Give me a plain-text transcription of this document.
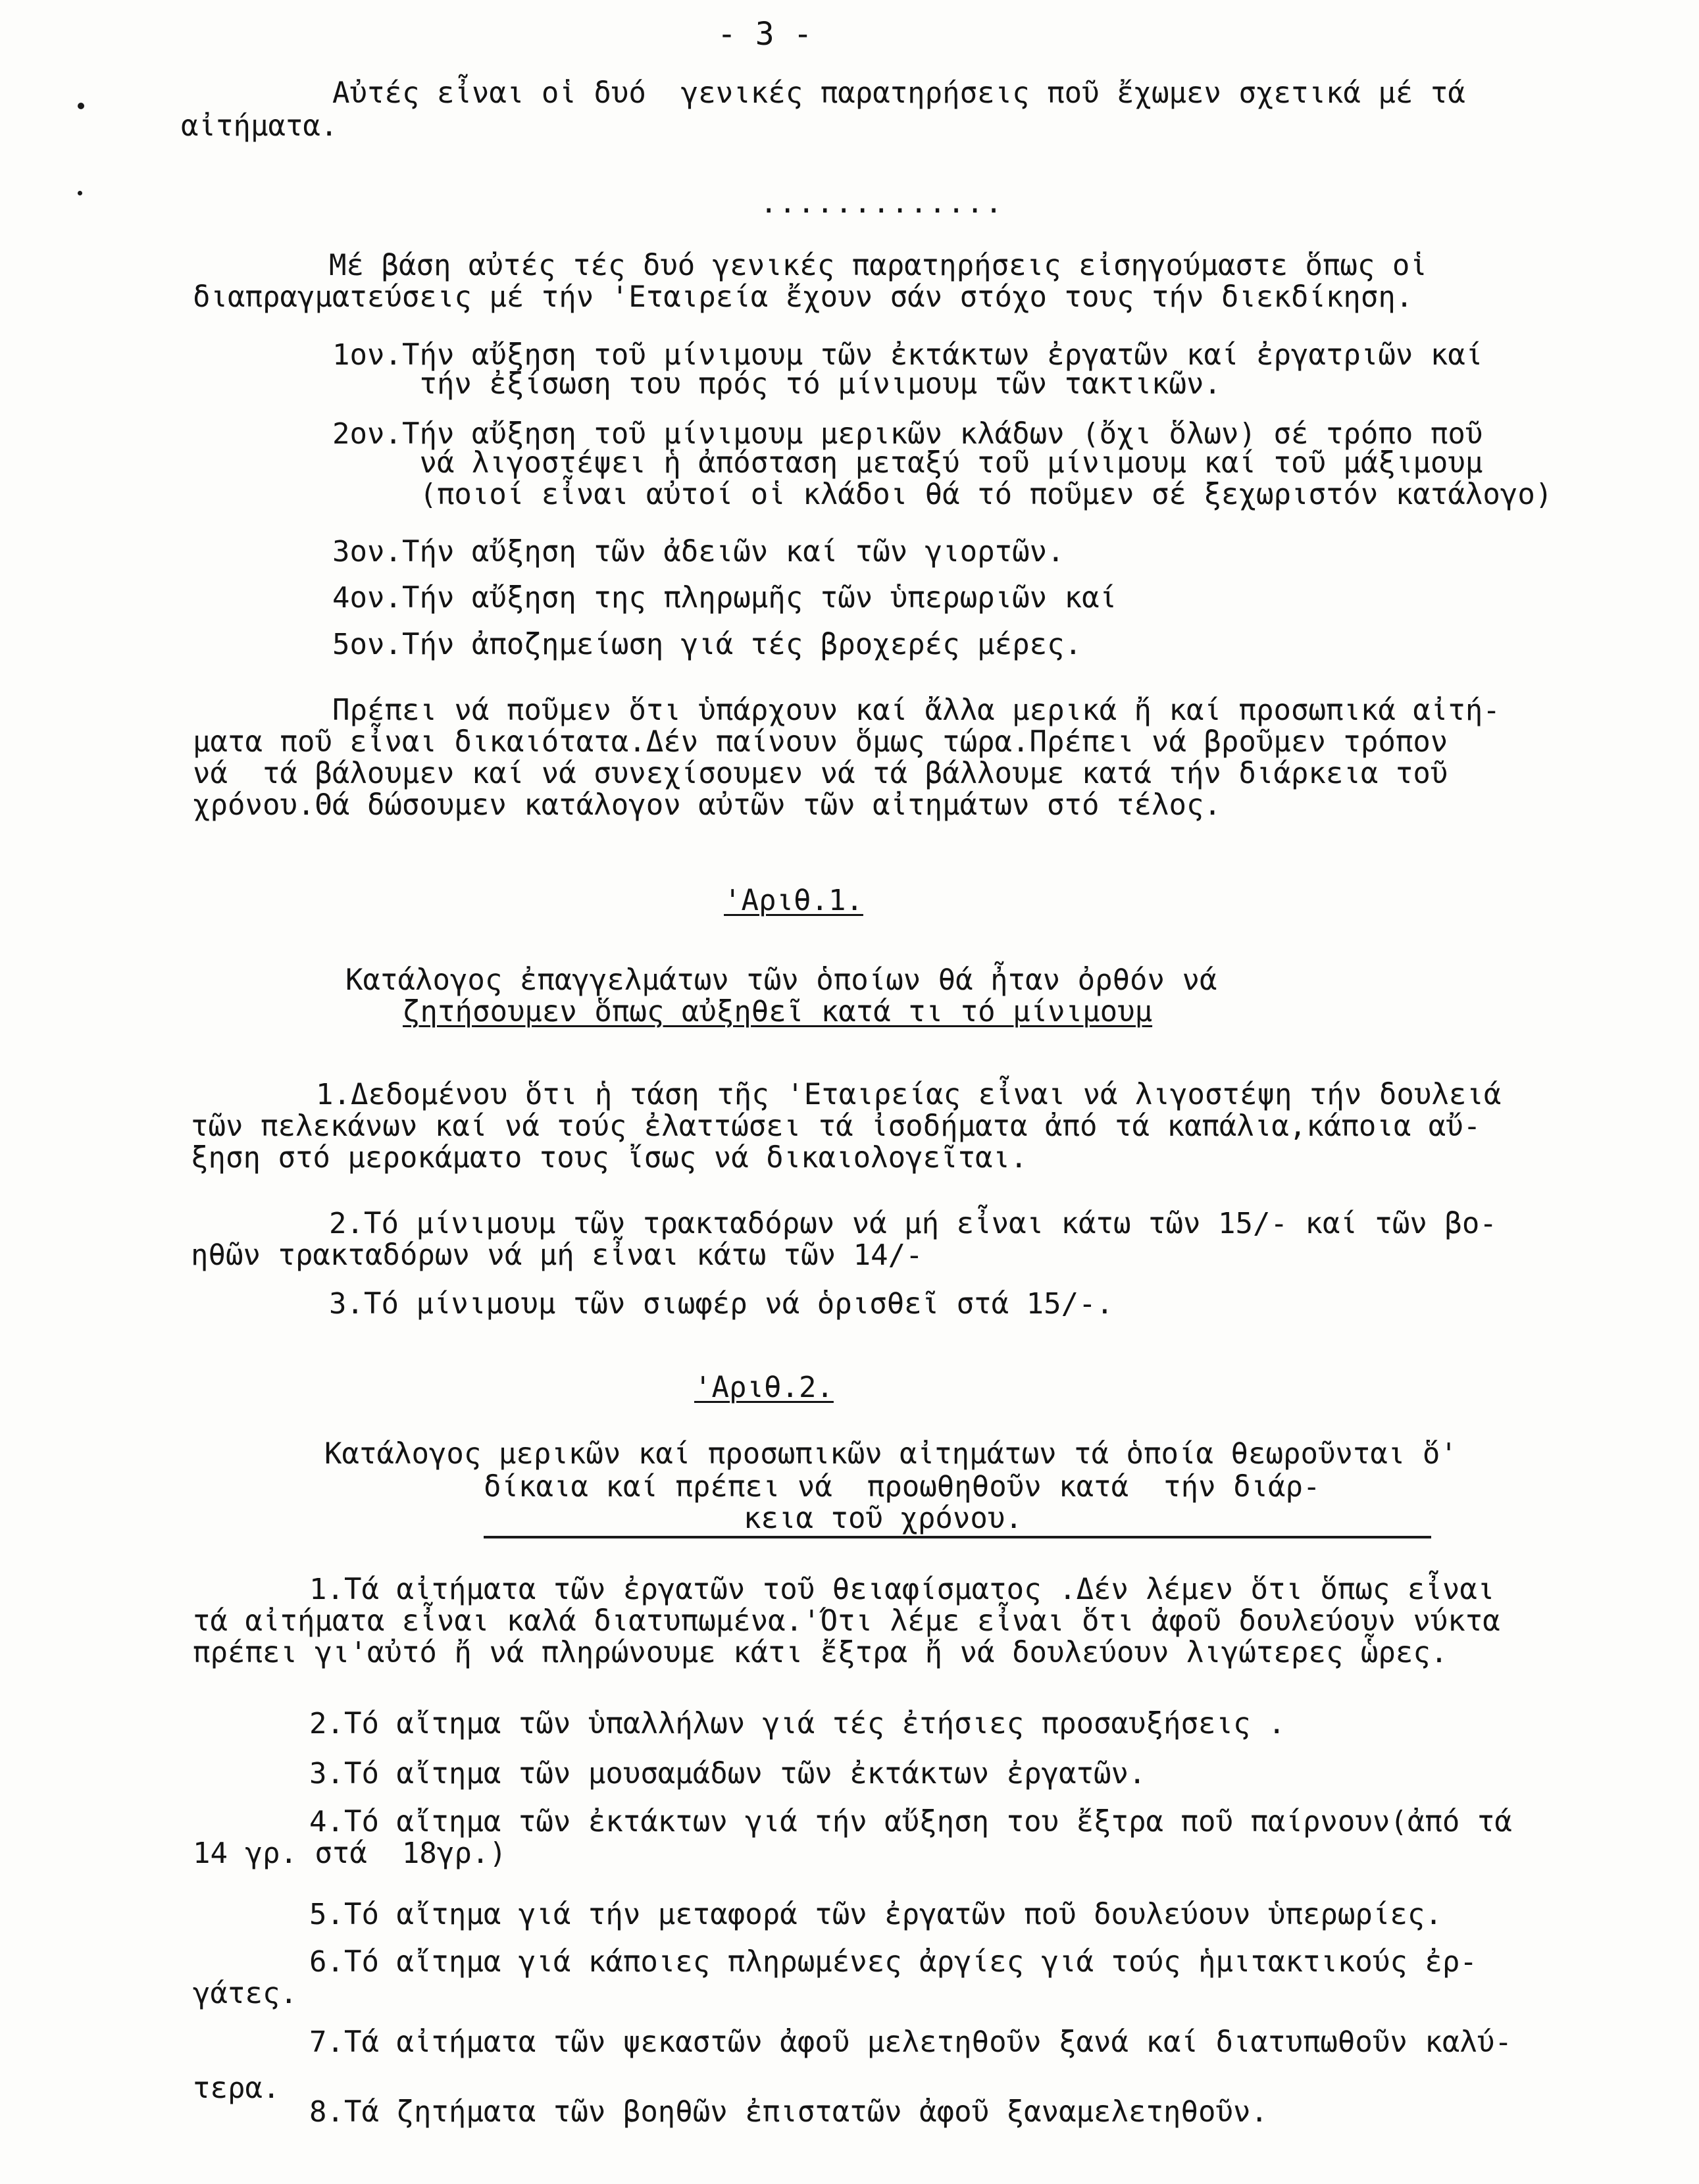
- 3 -
Αὐτές εἶναι οἱ δυό  γενικές παρατηρήσεις ποῦ ἔχωμεν σχετικά μέ τά
αἰτήματα.
.............
Μέ βάση αὐτές τές δυό γενικές παρατηρήσεις εἰσηγούμαστε ὅπως οἱ
διαπραγματεύσεις μέ τήν 'Εταιρεία ἔχουν σάν στόχο τους τήν διεκδίκηση.
1ον.Τήν αὔξηση τοῦ μίνιμουμ τῶν ἐκτάκτων ἐργατῶν καί ἐργατριῶν καί
τήν ἐξίσωση του πρός τό μίνιμουμ τῶν τακτικῶν.
2ον.Τήν αὔξηση τοῦ μίνιμουμ μερικῶν κλάδων (ὄχι ὅλων) σέ τρόπο ποῦ
νά λιγοστέψει ἡ ἀπόσταση μεταξύ τοῦ μίνιμουμ καί τοῦ μάξιμουμ
(ποιοί εἶναι αὐτοί οἱ κλάδοι θά τό ποῦμεν σέ ξεχωριστόν κατάλογο)
3ον.Τήν αὔξηση τῶν ἀδειῶν καί τῶν γιορτῶν.
4ον.Τήν αὔξηση της πληρωμῆς τῶν ὑπερωριῶν καί
5ον.Τήν ἀποζημείωση γιά τές βροχερές μέρες.
Πρέπει νά ποῦμεν ὅτι ὑπάρχουν καί ἄλλα μερικά ἤ καί προσωπικά αἰτή-
ματα ποῦ εἶναι δικαιότατα.Δέν παίνουν ὅμως τώρα.Πρέπει νά βροῦμεν τρόπον
νά  τά βάλουμεν καί νά συνεχίσουμεν νά τά βάλλουμε κατά τήν διάρκεια τοῦ
χρόνου.Θά δώσουμεν κατάλογον αὐτῶν τῶν αἰτημάτων στό τέλος.
'Αριθ.1.
Κατάλογος ἐπαγγελμάτων τῶν ὁποίων θά ἦταν ὀρθόν νά
ζητήσουμεν ὅπως αὐξηθεῖ κατά τι τό μίνιμουμ
1.Δεδομένου ὅτι ἡ τάση τῆς 'Εταιρείας εἶναι νά λιγοστέψη τήν δουλειά
τῶν πελεκάνων καί νά τούς ἐλαττώσει τά ἰσοδήματα ἀπό τά καπάλια,κάποια αὔ-
ξηση στό μεροκάματο τους ἴσως νά δικαιολογεῖται.
2.Τό μίνιμουμ τῶν τρακταδόρων νά μή εἶναι κάτω τῶν 15/- καί τῶν βο-
ηθῶν τρακταδόρων νά μή εἶναι κάτω τῶν 14/-
3.Τό μίνιμουμ τῶν σιωφέρ νά ὁρισθεῖ στά 15/-.
'Αριθ.2.
Κατάλογος μερικῶν καί προσωπικῶν αἰτημάτων τά ὁποία θεωροῦνται ὅ'
δίκαια καί πρέπει νά  προωθηθοῦν κατά  τήν διάρ-
κεια τοῦ χρόνου.
1.Τά αἰτήματα τῶν ἐργατῶν τοῦ θειαφίσματος .Δέν λέμεν ὅτι ὅπως εἶναι
τά αἰτήματα εἶναι καλά διατυπωμένα.'Ότι λέμε εἶναι ὅτι ἀφοῦ δουλεύουν νύκτα
πρέπει γι'αὐτό ἤ νά πληρώνουμε κάτι ἔξτρα ἤ νά δουλεύουν λιγώτερες ὧρες.
2.Τό αἴτημα τῶν ὑπαλλήλων γιά τές ἐτήσιες προσαυξήσεις .
3.Τό αἴτημα τῶν μουσαμάδων τῶν ἐκτάκτων ἐργατῶν.
4.Τό αἴτημα τῶν ἐκτάκτων γιά τήν αὔξηση του ἔξτρα ποῦ παίρνουν(ἀπό τά
14 γρ. στά  18γρ.)
5.Τό αἴτημα γιά τήν μεταφορά τῶν ἐργατῶν ποῦ δουλεύουν ὑπερωρίες.
6.Τό αἴτημα γιά κάποιες πληρωμένες ἀργίες γιά τούς ἡμιτακτικούς ἐρ-
γάτες.
7.Τά αἰτήματα τῶν ψεκαστῶν ἀφοῦ μελετηθοῦν ξανά καί διατυπωθοῦν καλύ-
τερα.
8.Τά ζητήματα τῶν βοηθῶν ἐπιστατῶν ἀφοῦ ξαναμελετηθοῦν.
